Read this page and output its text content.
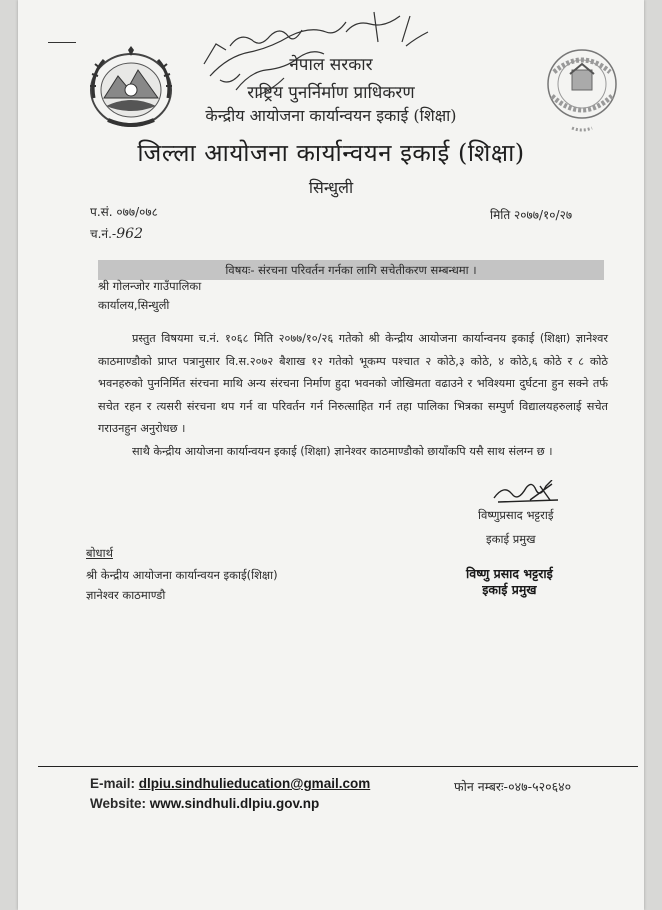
नेपाल सरकार
राष्ट्रिय पुनर्निर्माण प्राधिकरण
केन्द्रीय आयोजना कार्यान्वयन इकाई (शिक्षा)
जिल्ला आयोजना कार्यान्वयन इकाई (शिक्षा)
सिन्धुली
प.सं. ०७७/०७८
च.नं.-962
मिति २०७७/१०/२७
विषयः- संरचना परिवर्तन गर्नका लागि सचेतीकरण सम्बन्धमा ।
श्री गोलन्जोर गाउँपालिका
कार्यालय,सिन्धुली

प्रस्तुत विषयमा च.नं. १०६८ मिति २०७७/१०/२६ गतेको श्री केन्द्रीय आयोजना कार्यान्वनय इकाई (शिक्षा) ज्ञानेश्वर काठमाण्डौको प्राप्त पत्रानुसार वि.स.२०७२ बैशाख १२ गतेको भूकम्प पश्चात २ कोठे,३ कोठे, ४ कोठे,६ कोठे र ८ कोठे भवनहरुको पुननिर्मित संरचना माथि अन्य संरचना निर्माण हुदा भवनको जोखिमता वढाउने र भविश्यमा दुर्घटना हुन सक्ने तर्फ सचेत रहन र त्यसरी संरचना थप गर्न वा परिवर्तन गर्न निरुत्साहित गर्न तहा पालिका भित्रका सम्पुर्ण विद्यालयहरुलाई सचेत गराउनहुन अनुरोधछ ।

साथै केन्द्रीय आयोजना कार्यान्वयन इकाई (शिक्षा) ज्ञानेश्वर काठमाण्डौको छायाँकपि यसै साथ संलग्न छ ।

विष्णुप्रसाद भट्टराई
इकाई प्रमुख
विष्णु प्रसाद भट्टराई
इकाई प्रमुख
बोधार्थ
श्री केन्द्रीय आयोजना कार्यान्वयन इकाई(शिक्षा)
ज्ञानेश्वर काठमाण्डौ
E-mail: dlpiu.sindhulieducation@gmail.com
Website: www.sindhuli.dlpiu.gov.np
फोन नम्बरः-०४७-५२०६४०
